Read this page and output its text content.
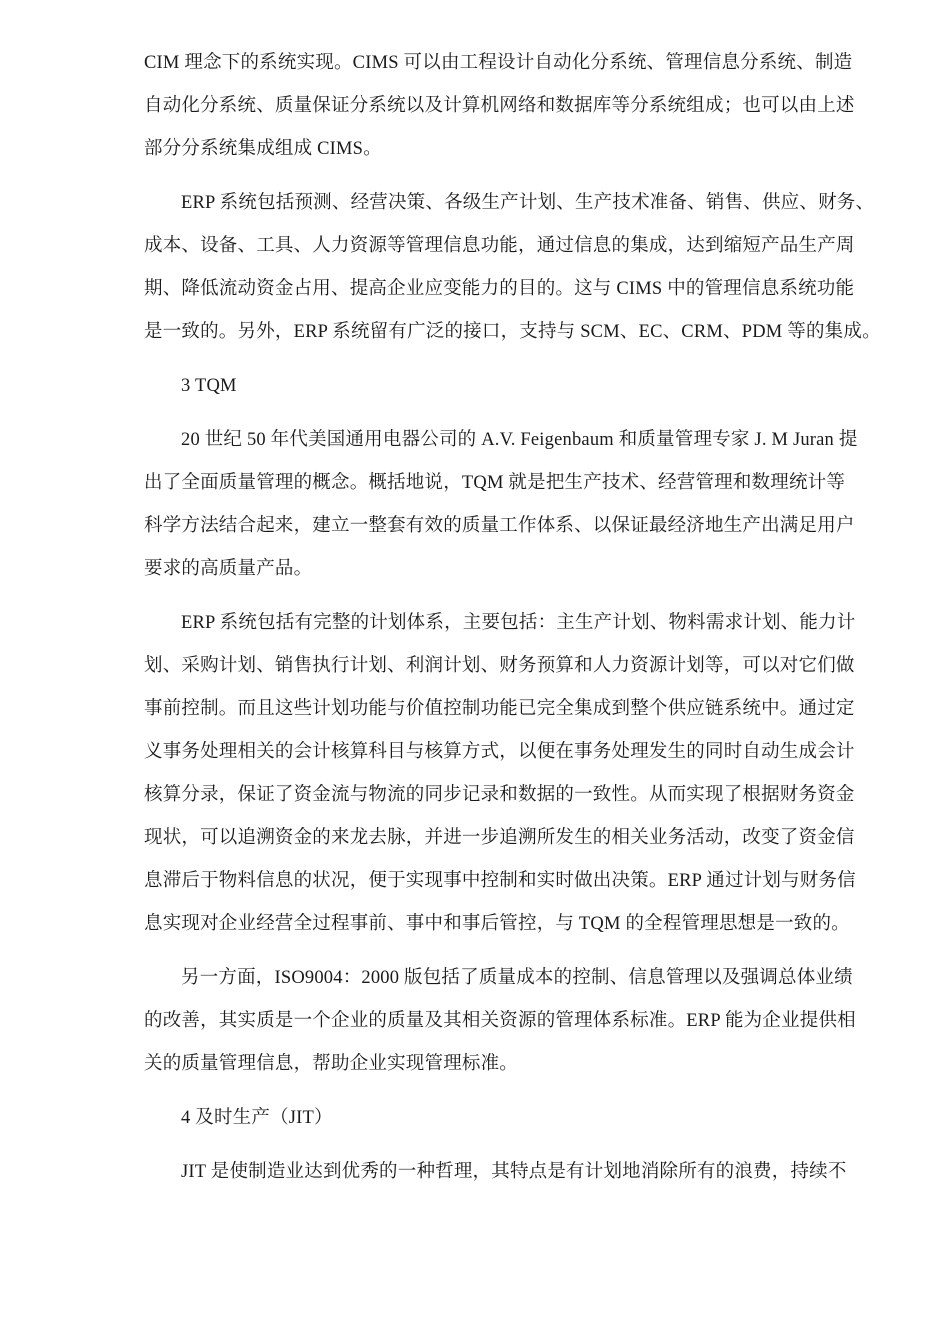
CIM 理念下的系统实现。CIMS 可以由工程设计自动化分系统、管理信息分系统、制造
自动化分系统、质量保证分系统以及计算机网络和数据库等分系统组成；也可以由上述
部分分系统集成组成 CIMS。
ERP 系统包括预测、经营决策、各级生产计划、生产技术准备、销售、供应、财务、
成本、设备、工具、人力资源等管理信息功能，通过信息的集成，达到缩短产品生产周
期、降低流动资金占用、提高企业应变能力的目的。这与 CIMS 中的管理信息系统功能
是一致的。另外，ERP 系统留有广泛的接口，支持与 SCM、EC、CRM、PDM 等的集成。
3 TQM
20 世纪 50 年代美国通用电器公司的 A.V. Feigenbaum 和质量管理专家 J. M Juran 提
出了全面质量管理的概念。概括地说，TQM 就是把生产技术、经营管理和数理统计等
科学方法结合起来，建立一整套有效的质量工作体系、以保证最经济地生产出满足用户
要求的高质量产品。
ERP 系统包括有完整的计划体系，主要包括：主生产计划、物料需求计划、能力计
划、采购计划、销售执行计划、利润计划、财务预算和人力资源计划等，可以对它们做
事前控制。而且这些计划功能与价值控制功能已完全集成到整个供应链系统中。通过定
义事务处理相关的会计核算科目与核算方式，以便在事务处理发生的同时自动生成会计
核算分录，保证了资金流与物流的同步记录和数据的一致性。从而实现了根据财务资金
现状，可以追溯资金的来龙去脉，并进一步追溯所发生的相关业务活动，改变了资金信
息滞后于物料信息的状况，便于实现事中控制和实时做出决策。ERP 通过计划与财务信
息实现对企业经营全过程事前、事中和事后管控，与 TQM 的全程管理思想是一致的。
另一方面，ISO9004：2000 版包括了质量成本的控制、信息管理以及强调总体业绩
的改善，其实质是一个企业的质量及其相关资源的管理体系标准。ERP 能为企业提供相
关的质量管理信息，帮助企业实现管理标准。
4 及时生产（JIT）
JIT 是使制造业达到优秀的一种哲理，其特点是有计划地消除所有的浪费，持续不
